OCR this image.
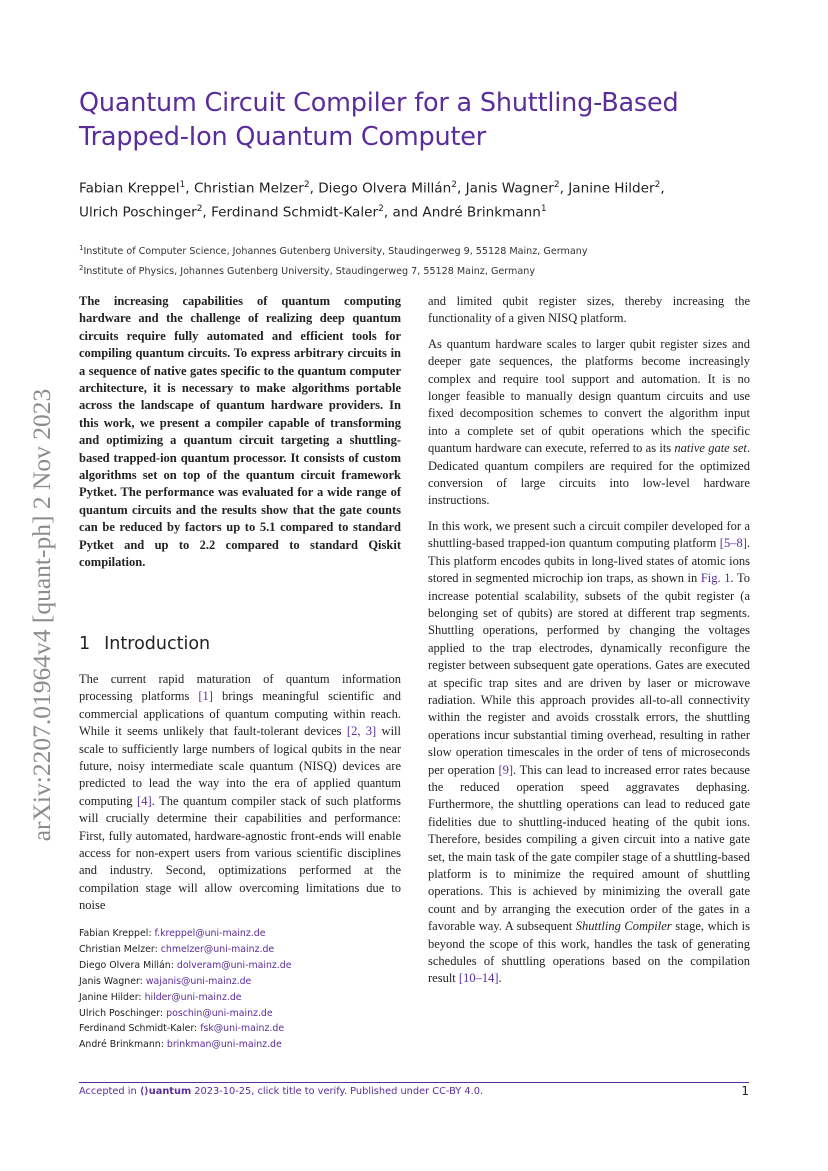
Quantum Circuit Compiler for a Shuttling-Based Trapped-Ion Quantum Computer
Fabian Kreppel$^1$, Christian Melzer$^2$, Diego Olvera Millán$^2$, Janis Wagner$^2$, Janine Hilder$^2$,
Ulrich Poschinger$^2$, Ferdinand Schmidt-Kaler$^2$, and André Brinkmann$^1$
$^1$Institute of Computer Science, Johannes Gutenberg University, Staudingerweg 9, 55128 Mainz, Germany
$^2$Institute of Physics, Johannes Gutenberg University, Staudingerweg 7, 55128 Mainz, Germany
arXiv:2207.01964v4 [quant-ph] 2 Nov 2023

The increasing capabilities of quantum computing hardware and the challenge of realizing deep quantum circuits require fully automated and efficient tools for compiling quantum circuits. To express arbitrary circuits in a sequence of native gates specific to the quantum computer architecture, it is necessary to make algorithms portable across the landscape of quantum hardware providers. In this work, we present a compiler capable of transforming and optimizing a quantum circuit targeting a shuttling-based trapped-ion quantum processor. It consists of custom algorithms set on top of the quantum circuit framework Pytket. The performance was evaluated for a wide range of quantum circuits and the results show that the gate counts can be reduced by factors up to 5.1 compared to standard Pytket and up to 2.2 compared to standard Qiskit compilation.

1 Introduction

The current rapid maturation of quantum information processing platforms [1] brings meaningful scientific and commercial applications of quantum computing within reach. While it seems unlikely that fault-tolerant devices [2, 3] will scale to sufficiently large numbers of logical qubits in the near future, noisy intermediate scale quantum (NISQ) devices are predicted to lead the way into the era of applied quantum computing [4]. The quantum compiler stack of such platforms will crucially determine their capabilities and performance: First, fully automated, hardware-agnostic front-ends will enable access for non-expert users from various scientific disciplines and industry. Second, optimizations performed at the compilation stage will allow overcoming limitations due to noise

Fabian Kreppel: f.kreppel@uni-mainz.de
Christian Melzer: chmelzer@uni-mainz.de
Diego Olvera Millán: dolveram@uni-mainz.de
Janis Wagner: wajanis@uni-mainz.de
Janine Hilder: hilder@uni-mainz.de
Ulrich Poschinger: poschin@uni-mainz.de
Ferdinand Schmidt-Kaler: fsk@uni-mainz.de
André Brinkmann: brinkman@uni-mainz.de

and limited qubit register sizes, thereby increasing the functionality of a given NISQ platform.

As quantum hardware scales to larger qubit register sizes and deeper gate sequences, the platforms become increasingly complex and require tool support and automation. It is no longer feasible to manually design quantum circuits and use fixed decomposition schemes to convert the algorithm input into a complete set of qubit operations which the specific quantum hardware can execute, referred to as its native gate set. Dedicated quantum compilers are required for the optimized conversion of large circuits into low-level hardware instructions.

In this work, we present such a circuit compiler developed for a shuttling-based trapped-ion quantum computing platform [5–8]. This platform encodes qubits in long-lived states of atomic ions stored in segmented microchip ion traps, as shown in Fig. 1. To increase potential scalability, subsets of the qubit register (a belonging set of qubits) are stored at different trap segments. Shuttling operations, performed by changing the voltages applied to the trap electrodes, dynamically reconfigure the register between subsequent gate operations. Gates are executed at specific trap sites and are driven by laser or microwave radiation. While this approach provides all-to-all connectivity within the register and avoids crosstalk errors, the shuttling operations incur substantial timing overhead, resulting in rather slow operation timescales in the order of tens of microseconds per operation [9]. This can lead to increased error rates because the reduced operation speed aggravates dephasing. Furthermore, the shuttling operations can lead to reduced gate fidelities due to shuttling-induced heating of the qubit ions. Therefore, besides compiling a given circuit into a native gate set, the main task of the gate compiler stage of a shuttling-based platform is to minimize the required amount of shuttling operations. This is achieved by minimizing the overall gate count and by arranging the execution order of the gates in a favorable way. A subsequent Shuttling Compiler stage, which is beyond the scope of this work, handles the task of generating schedules of shuttling operations based on the compilation result [10–14].

Accepted in ⟨⟩uantum 2023-10-25, click title to verify. Published under CC-BY 4.0.	1
